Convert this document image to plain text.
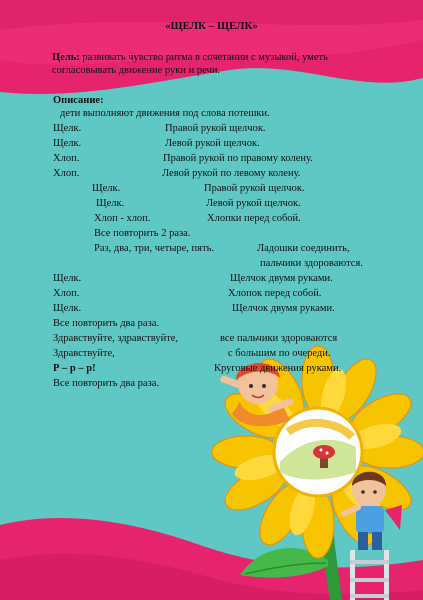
«ЩЕЛК – ЩЕЛК»
Цель: развивать чувство ритма в сочетании с музыкой, уметь согласовывать движение руки и речи.
Описание:
дети выполняют движения под слова потешки.
Щелк.	Правой рукой щелчок.
Щелк.	Левой рукой щелчок.
Хлоп.	Правой рукой по правому колену.
Хлоп.	Левой рукой по левому колену.
Щелк.	Правой рукой щелчок.
Щелк.	Левой рукой щелчок.
Хлоп - хлоп.	Хлопки перед собой.
Все повторить 2 раза.
Раз, два, три, четыре, пять.	Ладошки соединить,
пальчики здороваются.
Щелк.	Щелчок двумя руками.
Хлоп.	Хлопок перед собой.
Щелк.	Щелчок двумя руками.
Все повторить два раза.
Здравствуйте, здравствуйте,	все пальчики здороваются
Здравствуйте,	с большим по очереди.
Р – р – р!	Круговые движения руками.
Все повторить два раза.
